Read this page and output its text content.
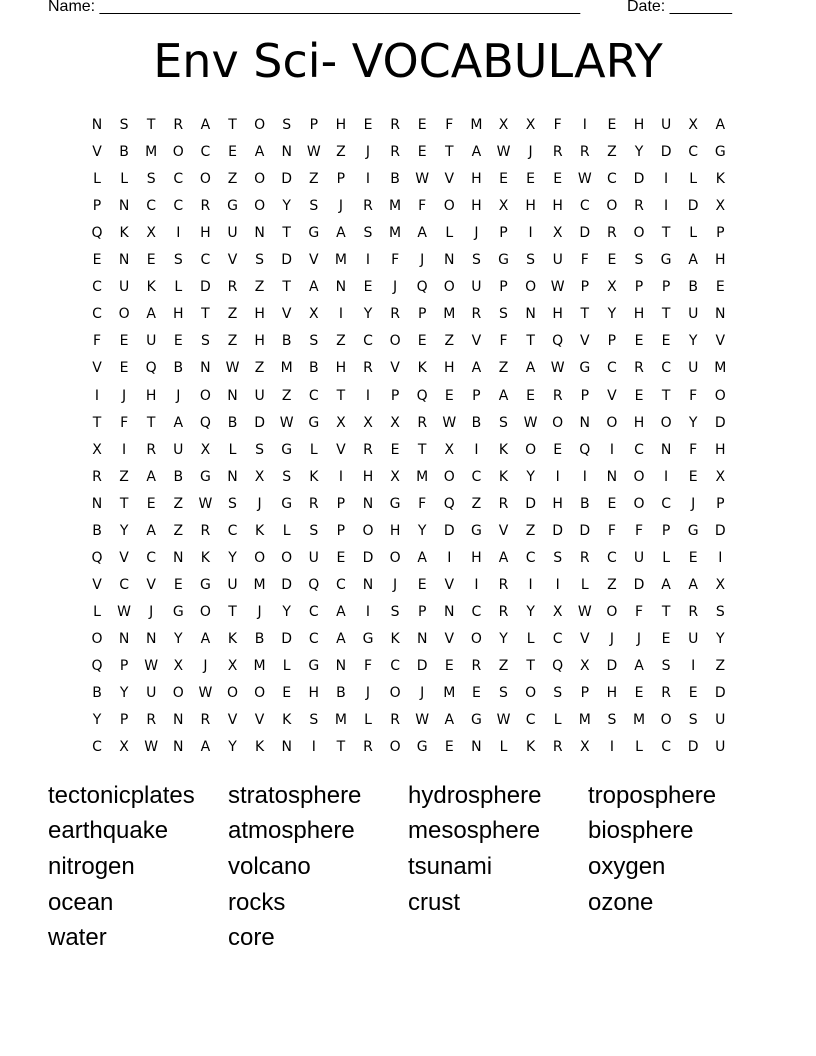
Name: ______________________________________________________	Date: _______
Env Sci- VOCABULARY
N	S	T	R	A	T	O	S	P	H	E	R	E	F	M	X	X	F	I	E	H	U	X	A
V	B	M	O	C	E	A	N	W	Z	J	R	E	T	A	W	J	R	R	Z	Y	D	C	G
L	L	S	C	O	Z	O	D	Z	P	I	B	W	V	H	E	E	E	W	C	D	I	L	K
P	N	C	C	R	G	O	Y	S	J	R	M	F	O	H	X	H	H	C	O	R	I	D	X
Q	K	X	I	H	U	N	T	G	A	S	M	A	L	J	P	I	X	D	R	O	T	L	P
E	N	E	S	C	V	S	D	V	M	I	F	J	N	S	G	S	U	F	E	S	G	A	H
C	U	K	L	D	R	Z	T	A	N	E	J	Q	O	U	P	O	W	P	X	P	P	B	E
C	O	A	H	T	Z	H	V	X	I	Y	R	P	M	R	S	N	H	T	Y	H	T	U	N
F	E	U	E	S	Z	H	B	S	Z	C	O	E	Z	V	F	T	Q	V	P	E	E	Y	V
V	E	Q	B	N	W	Z	M	B	H	R	V	K	H	A	Z	A	W	G	C	R	C	U	M
I	J	H	J	O	N	U	Z	C	T	I	P	Q	E	P	A	E	R	P	V	E	T	F	O
T	F	T	A	Q	B	D	W	G	X	X	X	R	W	B	S	W	O	N	O	H	O	Y	D
X	I	R	U	X	L	S	G	L	V	R	E	T	X	I	K	O	E	Q	I	C	N	F	H
R	Z	A	B	G	N	X	S	K	I	H	X	M	O	C	K	Y	I	I	N	O	I	E	X
N	T	E	Z	W	S	J	G	R	P	N	G	F	Q	Z	R	D	H	B	E	O	C	J	P
B	Y	A	Z	R	C	K	L	S	P	O	H	Y	D	G	V	Z	D	D	F	F	P	G	D
Q	V	C	N	K	Y	O	O	U	E	D	O	A	I	H	A	C	S	R	C	U	L	E	I
V	C	V	E	G	U	M	D	Q	C	N	J	E	V	I	R	I	I	L	Z	D	A	A	X
L	W	J	G	O	T	J	Y	C	A	I	S	P	N	C	R	Y	X	W	O	F	T	R	S
O	N	N	Y	A	K	B	D	C	A	G	K	N	V	O	Y	L	C	V	J	J	E	U	Y
Q	P	W	X	J	X	M	L	G	N	F	C	D	E	R	Z	T	Q	X	D	A	S	I	Z
B	Y	U	O	W	O	O	E	H	B	J	O	J	M	E	S	O	S	P	H	E	R	E	D
Y	P	R	N	R	V	V	K	S	M	L	R	W	A	G	W	C	L	M	S	M	O	S	U
C	X	W	N	A	Y	K	N	I	T	R	O	G	E	N	L	K	R	X	I	L	C	D	U
tectonicplates stratosphere hydrosphere troposphere
earthquake atmosphere mesosphere biosphere
nitrogen	volcano	tsunami	oxygen
ocean	rocks	crust	ozone
water	core
